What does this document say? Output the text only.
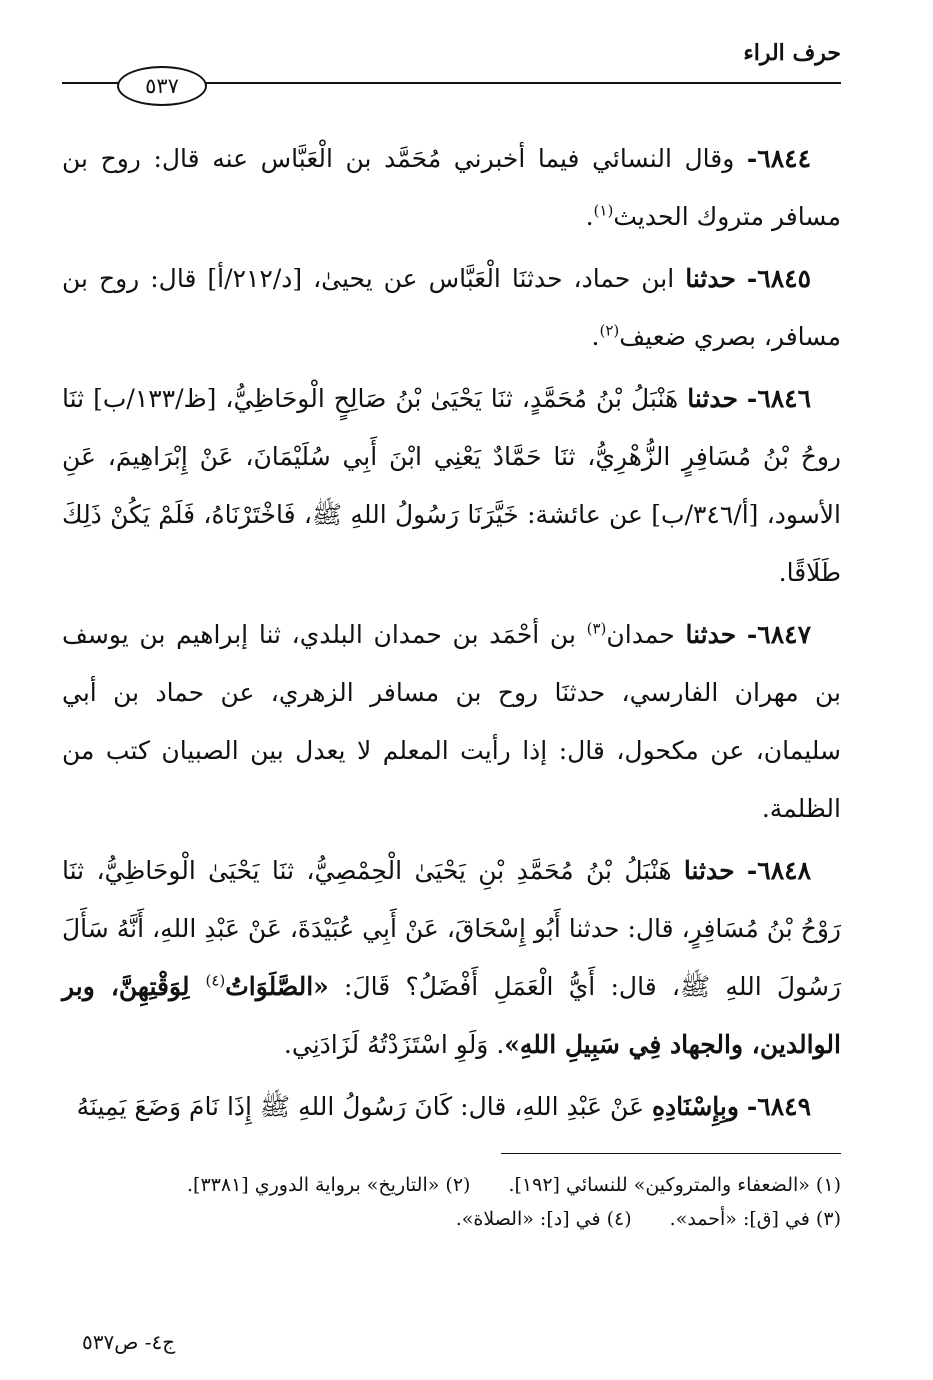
حرف الراء
٥٣٧

٦٨٤٤- وقال النسائي فيما أخبرني مُحَمَّد بن الْعَبَّاس عنه قال: روح بن مسافر متروك الحديث$^{(١)}$.

٦٨٤٥- حدثنا ابن حماد، حدثنَا الْعَبَّاس عن يحيىٰ، [د/٢١٢/أ] قال: روح بن مسافر، بصري ضعيف$^{(٢)}$.

٦٨٤٦- حدثنا هَنْبَلُ بْنُ مُحَمَّدٍ، ثنَا يَحْيَىٰ بْنُ صَالِحٍ الْوحَاظِيُّ، [ظ/١٣٣/ب] ثنَا روحُ بْنُ مُسَافِرٍ الزُّهْرِيُّ، ثنَا حَمَّادٌ يَعْنِي ابْنَ أَبِي سُلَيْمَانَ، عَنْ إِبْرَاهِيمَ، عَنِ الأسود، [أ/٣٤٦/ب] عن عائشة: خَيَّرَنَا رَسُولُ اللهِ ﷺ، فَاخْتَرْنَاهُ، فَلَمْ يَكُنْ ذَلِكَ طَلَاقًا.

٦٨٤٧- حدثنا حمدان$^{(٣)}$ بن أحْمَد بن حمدان البلدي، ثنا إبراهيم بن يوسف بن مهران الفارسي، حدثنَا روح بن مسافر الزهري، عن حماد بن أبي سليمان، عن مكحول، قال: إذا رأيت المعلم لا يعدل بين الصبيان كتب من الظلمة.

٦٨٤٨- حدثنا هَنْبَلُ بْنُ مُحَمَّدِ بْنِ يَحْيَىٰ الْحِمْصِيُّ، ثنَا يَحْيَىٰ الْوحَاظِيُّ، ثنَا رَوْحُ بْنُ مُسَافِرٍ، قال: حدثنا أَبُو إِسْحَاقَ، عَنْ أَبِي عُبَيْدَةَ، عَنْ عَبْدِ اللهِ، أَنَّهُ سَأَلَ رَسُولَ اللهِ ﷺ، قال: أَيُّ الْعَمَلِ أَفْضَلُ؟ قَالَ: «الصَّلَوَاتُ$^{(٤)}$ لِوَقْتِهِنَّ، وبر الوالدين، والجهاد فِي سَبِيلِ اللهِ». وَلَوِ اسْتَزَدْتُهُ لَزَادَنِي.

٦٨٤٩- وبِإِسْنَادِهِ عَنْ عَبْدِ اللهِ، قال: كَانَ رَسُولُ اللهِ ﷺ إِذَا نَامَ وَضَعَ يَمِينَهُ

(١) «الضعفاء والمتروكين» للنسائي [١٩٢].
(٢) «التاريخ» برواية الدوري [٣٣٨١].
(٣) في [ق]: «أحمد».
(٤) في [د]: «الصلاة».
ج٤- ص٥٣٧
